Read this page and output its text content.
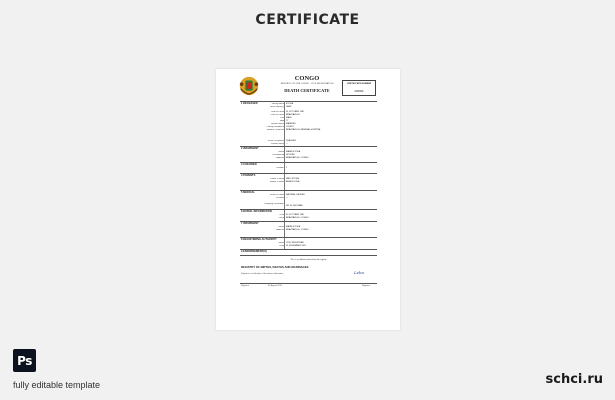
CERTIFICATE
CONGO
REPUBLIC OF THE CONGO · CIVIL REGISTRATION
DEATH CERTIFICATE
CERTIFICATE NUMBER
000000
1 DECEASED	Family Name ETOKA
Given Name(s) JEAN
Date of Death 24 OCTOBER 1987
Place of Death BRAZZAVILLE
Sex MALE
Age 77
Marital Status MARRIED
Primary Residence CONGO
Medical Certificate BRAZZAVILLE GENERAL HOSPITAL
Usual Occupation TEACHER
Former Name —
2 INFORMANT
Name MARIE ETOKA
Relationship SPOUSE
Address BRAZZAVILLE, CONGO
3 CHILDREN
Number 2
4 PARENTS
Father's Name PAUL ETOKA
Mother's Name ANNE ETOKA
5 MEDICAL
Cause of Death NATURAL CAUSES
Duration —
Certifying Practitioner
DR. M. NGOUABI
6 BURIAL INFORMATION
Date 30 OCTOBER 1987
Place BRAZZAVILLE, CONGO
7 INFORMANT
Name MARIE ETOKA
Address BRAZZAVILLE, CONGO
8 REGISTERING AUTHORITY
Name CIVIL REGISTRAR
Date 01 NOVEMBER 1987
9 ENDORSEMENT(S)
This is an official extract from the registry
REGISTRY OF BIRTHS, DEATHS AND MARRIAGES
Registrar's certification of the above information	Lebo
Registrar	01 August 2019	Registrar
Ps
fully editable template	schci.ru
